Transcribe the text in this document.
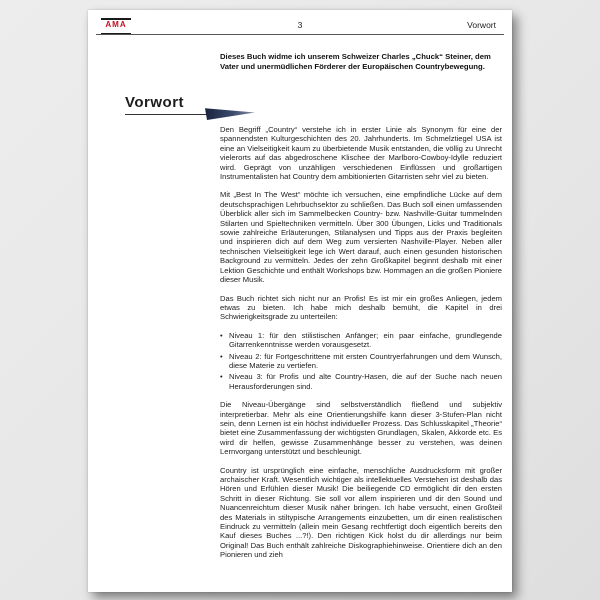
AMA	3	Vorwort

Dieses Buch widme ich unserem Schweizer Charles „Chuck“ Steiner, dem Vater und unermüdlichen Förderer der Europäischen Countrybewegung.

Vorwort

Den Begriff „Country“ verstehe ich in erster Linie als Synonym für eine der spannendsten Kulturgeschichten des 20. Jahrhunderts. Im Schmelztiegel USA ist eine an Vielseitigkeit kaum zu überbietende Musik entstanden, die völlig zu Unrecht vielerorts auf das abgedroschene Klischee der Marlboro-Cowboy-Idylle reduziert wird. Geprägt von unzähligen verschiedenen Einflüssen und großartigen Instrumentalisten hat Country dem ambitionierten Gitarristen sehr viel zu bieten.

Mit „Best In The West“ möchte ich versuchen, eine empfindliche Lücke auf dem deutschsprachigen Lehrbuchsektor zu schließen. Das Buch soll einen umfassenden Überblick aller sich im Sammelbecken Country- bzw. Nashville-Guitar tummelnden Stilarten und Spieltechniken vermitteln. Über 300 Übungen, Licks und Traditionals sowie zahlreiche Erläuterungen, Stilanalysen und Tipps aus der Praxis begleiten und inspirieren dich auf dem Weg zum versierten Nashville-Player. Neben aller technischen Vielseitigkeit lege ich Wert darauf, auch einen gesunden historischen Background zu vermitteln. Jedes der zehn Großkapitel beginnt deshalb mit einer Lektion Geschichte und enthält Workshops bzw. Hommagen an die großen Pioniere dieser Musik.

Das Buch richtet sich nicht nur an Profis! Es ist mir ein großes Anliegen, jedem etwas zu bieten. Ich habe mich deshalb bemüht, die Kapitel in drei Schwierigkeitsgrade zu unterteilen:

• Niveau 1: für den stilistischen Anfänger; ein paar einfache, grundlegende Gitarrenkenntnisse werden vorausgesetzt.
• Niveau 2: für Fortgeschrittene mit ersten Countryerfahrungen und dem Wunsch, diese Materie zu vertiefen.
• Niveau 3: für Profis und alte Country-Hasen, die auf der Suche nach neuen Herausforderungen sind.

Die Niveau-Übergänge sind selbstverständlich fließend und subjektiv interpretierbar. Mehr als eine Orientierungshilfe kann dieser 3-Stufen-Plan nicht sein, denn Lernen ist ein höchst individueller Prozess. Das Schlusskapitel „Theorie“ bietet eine Zusammenfassung der wichtigsten Grundlagen, Skalen, Akkorde etc. Es wird dir helfen, gewisse Zusammenhänge besser zu verstehen, was deinen Lernvorgang unterstützt und beschleunigt.

Country ist ursprünglich eine einfache, menschliche Ausdrucksform mit großer archaischer Kraft. Wesentlich wichtiger als intellektuelles Verstehen ist deshalb das Hören und Erfühlen dieser Musik! Die beiliegende CD ermöglicht dir den ersten Schritt in dieser Richtung. Sie soll vor allem inspirieren und dir den Sound und Nuancenreichtum dieser Musik näher bringen. Ich habe versucht, einen Großteil des Materials in stiltypische Arrangements einzubetten, um dir einen realistischen Eindruck zu vermitteln (allein mein Gesang rechtfertigt doch eigentlich bereits den Kauf dieses Buches ...?!). Den richtigen Kick holst du dir allerdings nur beim Original! Das Buch enthält zahlreiche Diskographiehinweise. Orientiere dich an den Pionieren und zieh
